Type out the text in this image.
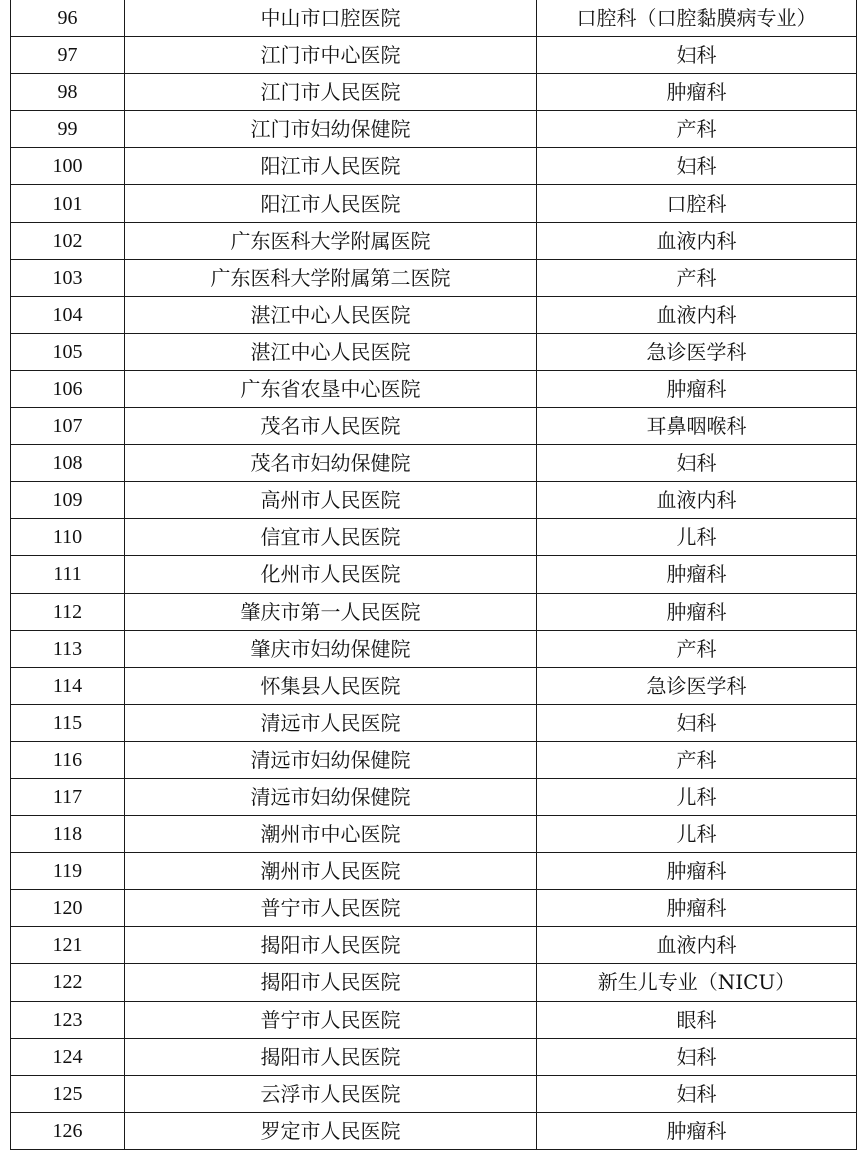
96	中山市口腔医院	口腔科（口腔黏膜病专业）
97	江门市中心医院	妇科
98	江门市人民医院	肿瘤科
99	江门市妇幼保健院	产科
100	阳江市人民医院	妇科
101	阳江市人民医院	口腔科
102	广东医科大学附属医院	血液内科
103	广东医科大学附属第二医院	产科
104	湛江中心人民医院	血液内科
105	湛江中心人民医院	急诊医学科
106	广东省农垦中心医院	肿瘤科
107	茂名市人民医院	耳鼻咽喉科
108	茂名市妇幼保健院	妇科
109	高州市人民医院	血液内科
110	信宜市人民医院	儿科
111	化州市人民医院	肿瘤科
112	肇庆市第一人民医院	肿瘤科
113	肇庆市妇幼保健院	产科
114	怀集县人民医院	急诊医学科
115	清远市人民医院	妇科
116	清远市妇幼保健院	产科
117	清远市妇幼保健院	儿科
118	潮州市中心医院	儿科
119	潮州市人民医院	肿瘤科
120	普宁市人民医院	肿瘤科
121	揭阳市人民医院	血液内科
122	揭阳市人民医院	新生儿专业（NICU）
123	普宁市人民医院	眼科
124	揭阳市人民医院	妇科
125	云浮市人民医院	妇科
126	罗定市人民医院	肿瘤科
